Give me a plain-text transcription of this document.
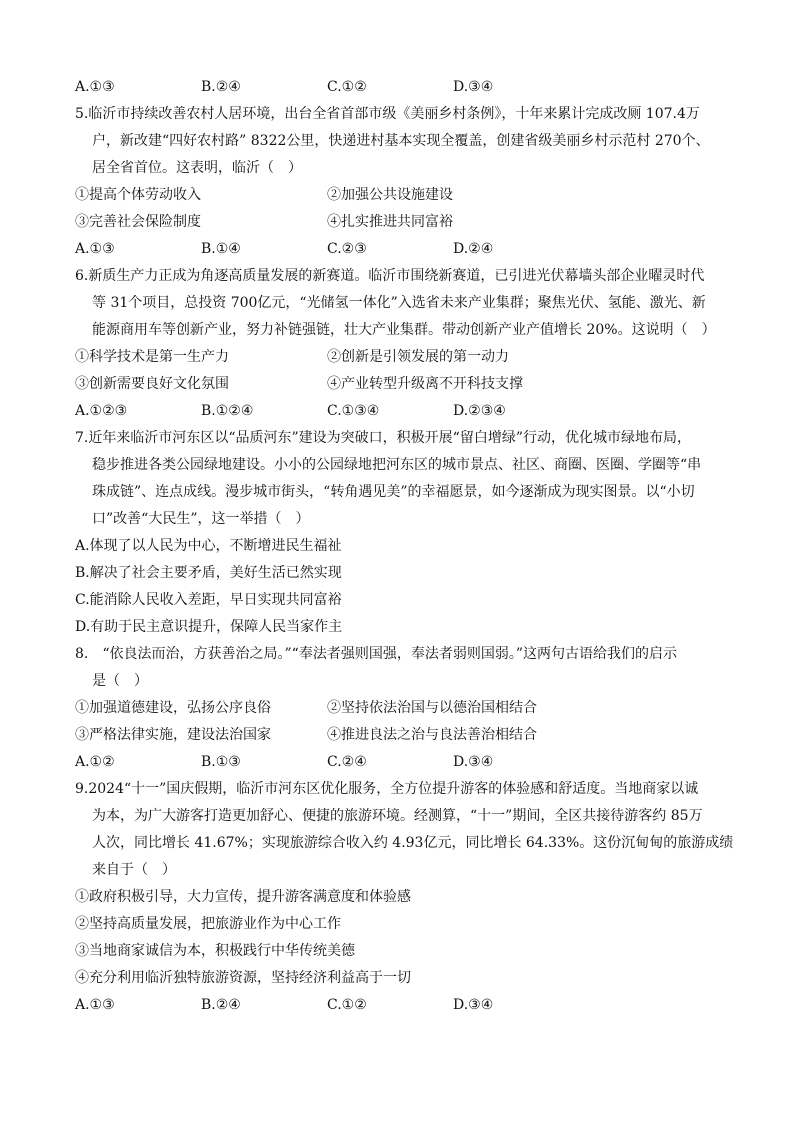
A.①③	B.②④	C.①②	D.③④
5.临沂市持续改善农村人居环境，出台全省首部市级《美丽乡村条例》，十年来累计完成改厕 107.4万
户，新改建“四好农村路” 8322公里，快递进村基本实现全覆盖，创建省级美丽乡村示范村 270个、
居全省首位。这表明，临沂（　）
①提高个体劳动收入	②加强公共设施建设
③完善社会保险制度	④扎实推进共同富裕
A.①③	B.①④	C.②③	D.②④
6.新质生产力正成为角逐高质量发展的新赛道。临沂市围绕新赛道，已引进光伏幕墙头部企业曜灵时代
等 31个项目，总投资 700亿元，“光储氢一体化”入选省未来产业集群；聚焦光伏、氢能、激光、新
能源商用车等创新产业，努力补链强链，壮大产业集群。带动创新产业产值增长 20%。这说明（　）
①科学技术是第一生产力	②创新是引领发展的第一动力
③创新需要良好文化氛围	④产业转型升级离不开科技支撑
A.①②③	B.①②④	C.①③④	D.②③④
7.近年来临沂市河东区以“品质河东”建设为突破口，积极开展“留白增绿”行动，优化城市绿地布局，
稳步推进各类公园绿地建设。小小的公园绿地把河东区的城市景点、社区、商圈、医圈、学圈等“串
珠成链”、连点成线。漫步城市街头，“转角遇见美”的幸福愿景，如今逐渐成为现实图景。以“小切
口”改善“大民生”，这一举措（　）
A.体现了以人民为中心，不断增进民生福祉
B.解决了社会主要矛盾，美好生活已然实现
C.能消除人民收入差距，早日实现共同富裕
D.有助于民主意识提升，保障人民当家作主
8.　“依良法而治，方获善治之局。”“奉法者强则国强，奉法者弱则国弱。”这两句古语给我们的启示
是（　）
①加强道德建设，弘扬公序良俗	②坚持依法治国与以德治国相结合
③严格法律实施，建设法治国家	④推进良法之治与良法善治相结合
A.①②	B.①③	C.②④	D.③④
9.2024“十一”国庆假期，临沂市河东区优化服务，全方位提升游客的体验感和舒适度。当地商家以诚
为本，为广大游客打造更加舒心、便捷的旅游环境。经测算，“十一”期间，全区共接待游客约 85万
人次，同比增长 41.67%；实现旅游综合收入约 4.93亿元，同比增长 64.33%。这份沉甸甸的旅游成绩
来自于（　）
①政府积极引导，大力宣传，提升游客满意度和体验感
②坚持高质量发展，把旅游业作为中心工作
③当地商家诚信为本，积极践行中华传统美德
④充分利用临沂独特旅游资源，坚持经济利益高于一切
A.①③	B.②④	C.①②	D.③④
